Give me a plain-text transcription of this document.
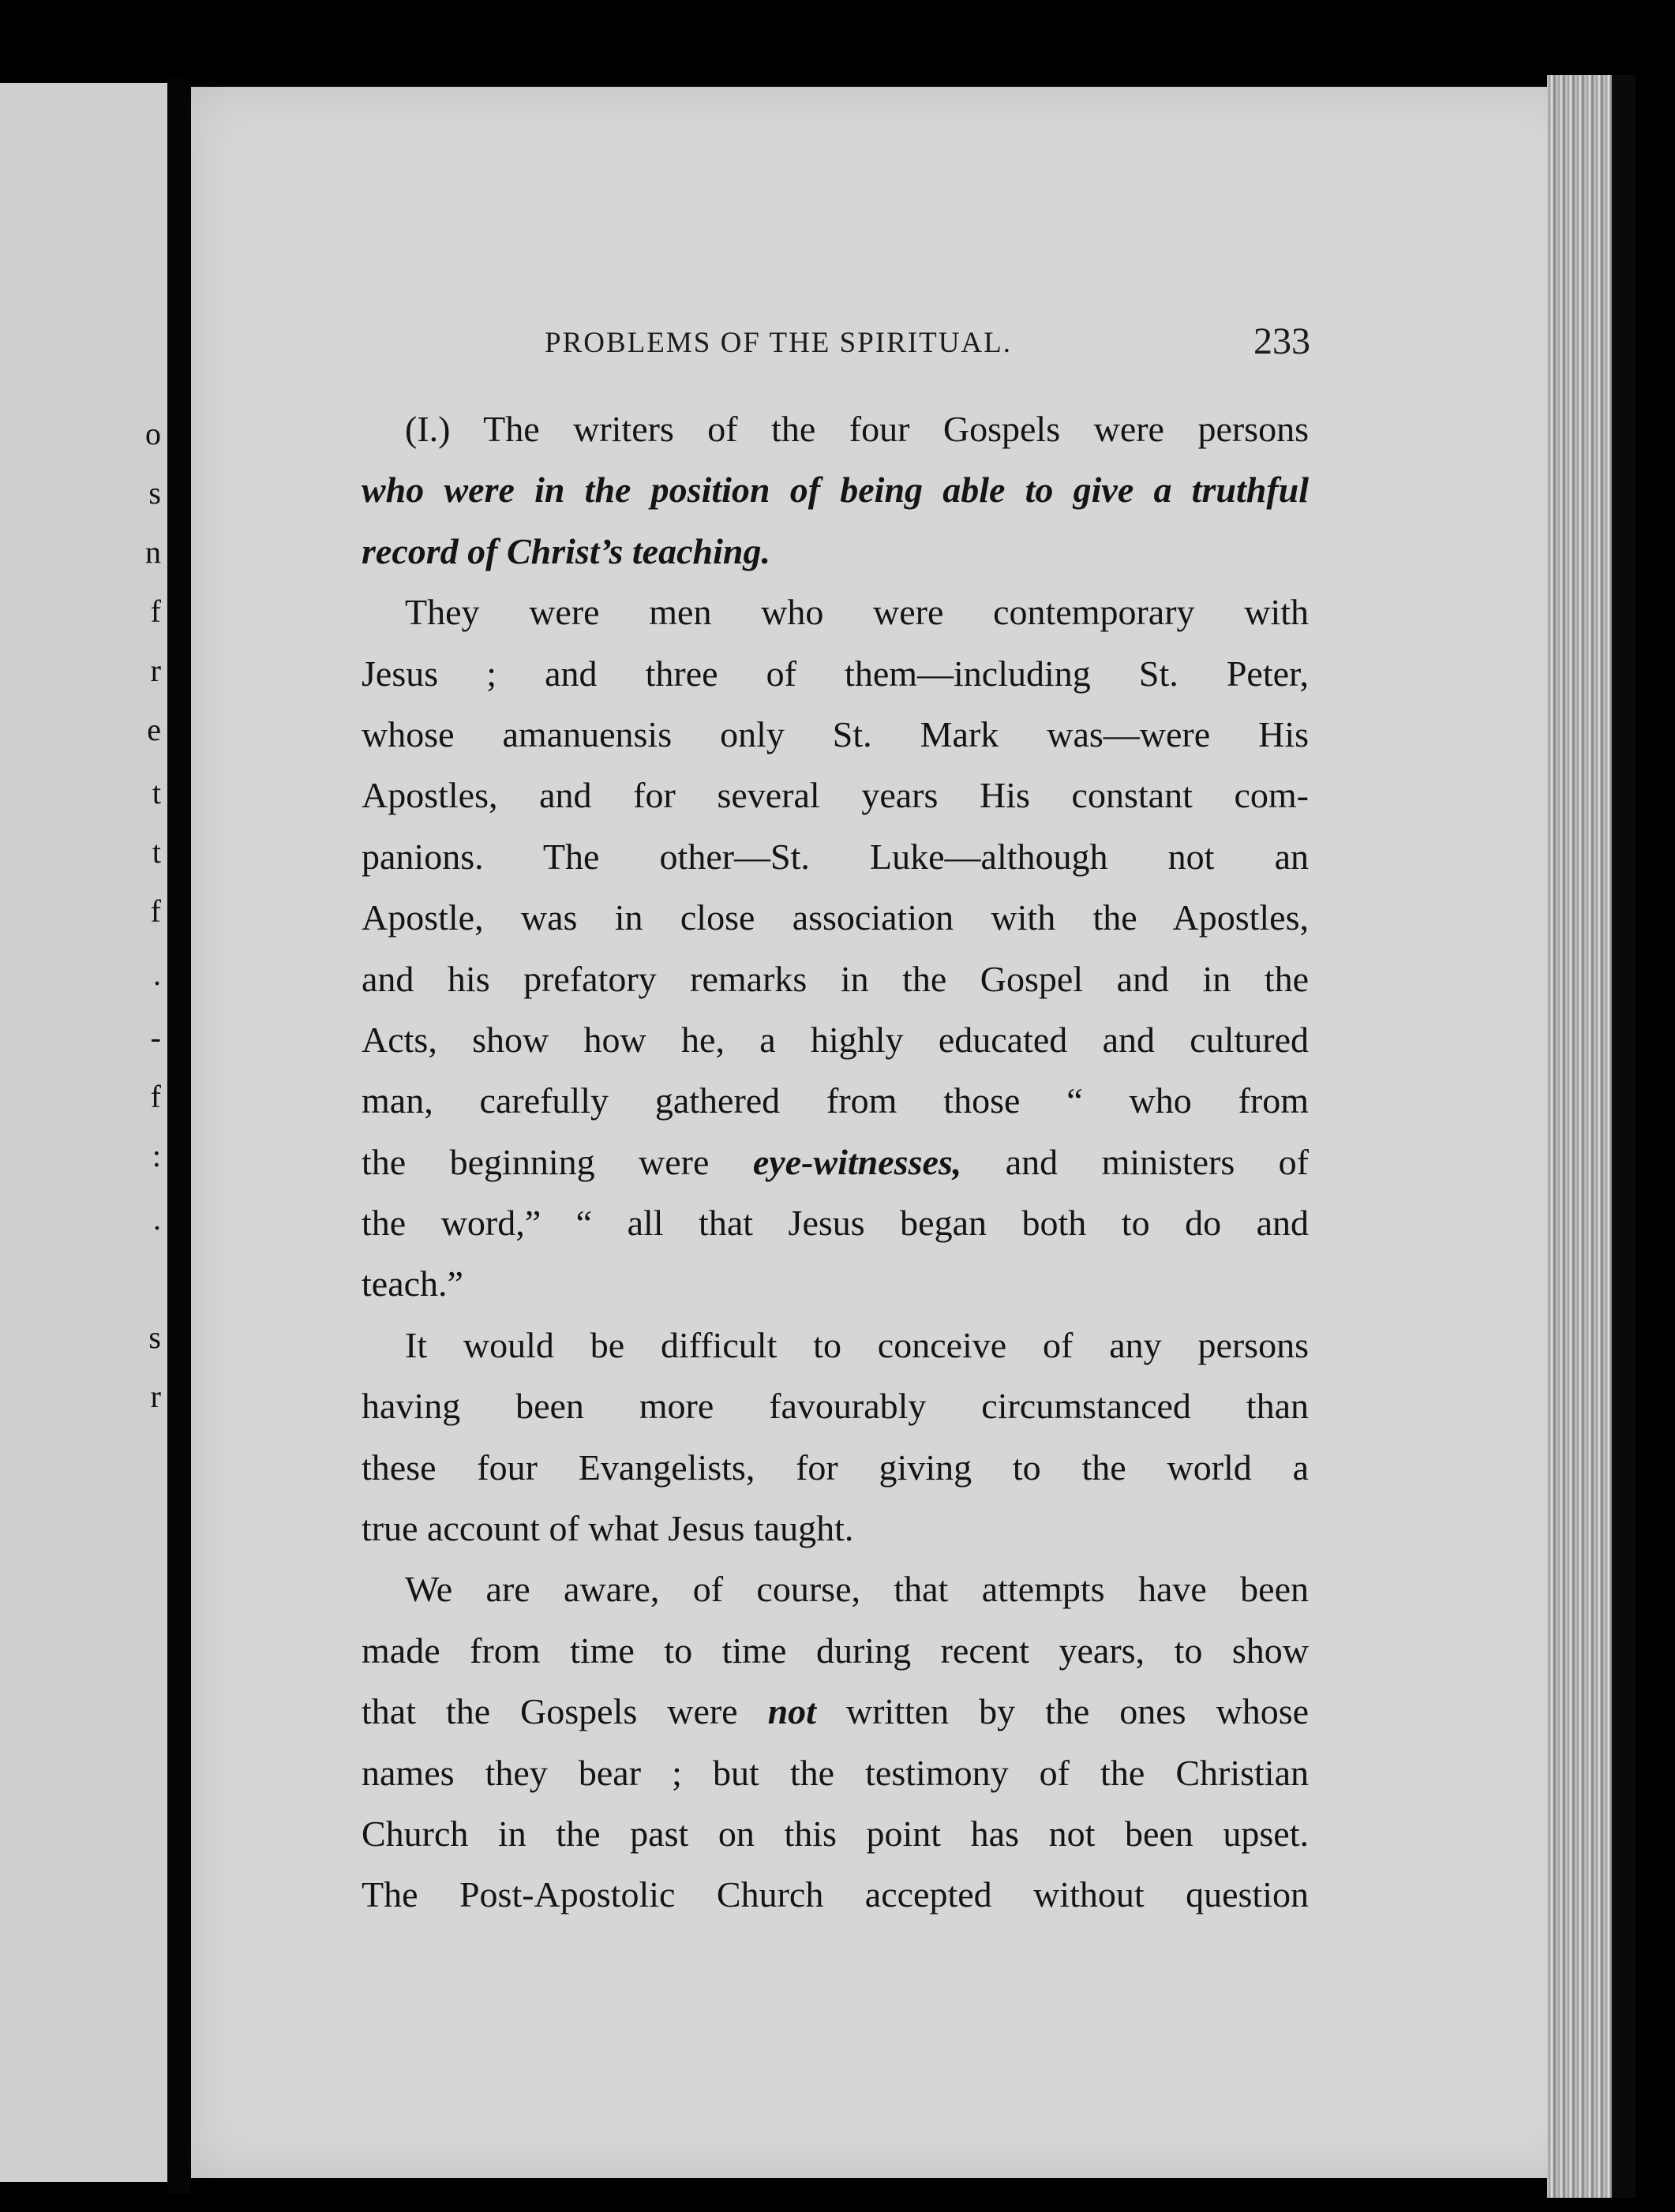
o
s
n
f
r
e
t
t
f
.
-
f
:
.
s
r
PROBLEMS OF THE SPIRITUAL.	233
(I.) The writers of the four Gospels were persons
who were in the position of being able to give a truthful
record of Christ’s teaching.
They were men who were contemporary with
Jesus ; and three of them—including St. Peter,
whose amanuensis only St. Mark was—were His
Apostles, and for several years His constant com-
panions. The other—St. Luke—although not an
Apostle, was in close association with the Apostles,
and his prefatory remarks in the Gospel and in the
Acts, show how he, a highly educated and cultured
man, carefully gathered from those “ who from
the beginning were eye-witnesses, and ministers of
the word,” “ all that Jesus began both to do and
teach.”
It would be difficult to conceive of any persons
having been more favourably circumstanced than
these four Evangelists, for giving to the world a
true account of what Jesus taught.
We are aware, of course, that attempts have been
made from time to time during recent years, to show
that the Gospels were not written by the ones whose
names they bear ; but the testimony of the Christian
Church in the past on this point has not been upset.
The Post-Apostolic Church accepted without question
